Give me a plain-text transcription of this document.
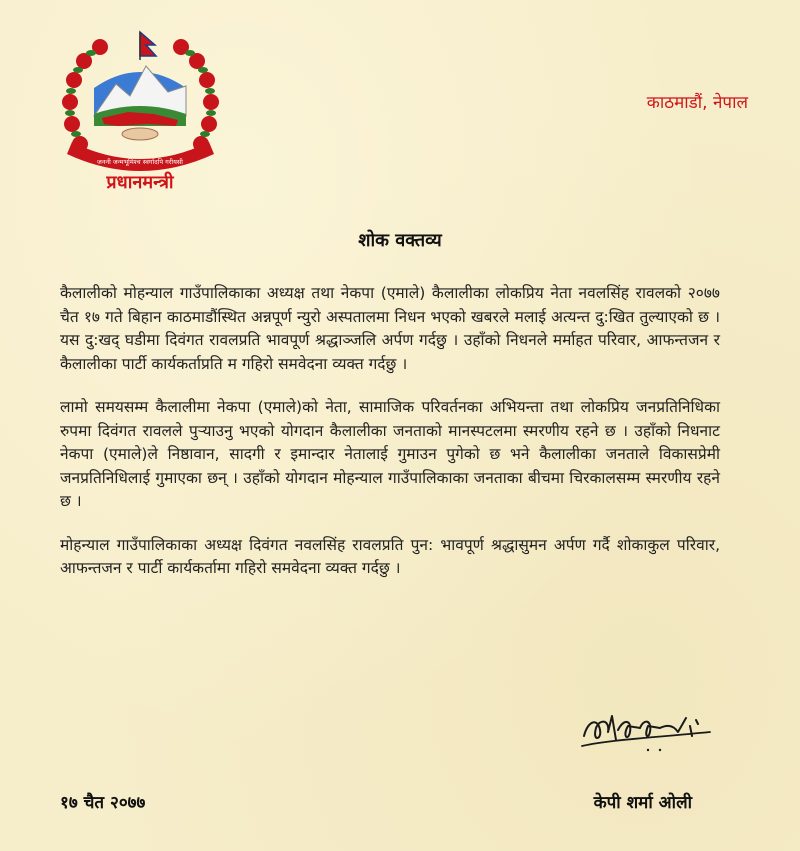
जननी जन्मभूमिश्च स्वर्गादपि गरीयसी
प्रधानमन्त्री
काठमाडौं, नेपाल
शोक वक्तव्य

कैलालीको मोहन्याल गाउँपालिकाका अध्यक्ष तथा नेकपा (एमाले) कैलालीका लोकप्रिय नेता नवलसिंह रावलको २०७७ चैत १७ गते बिहान काठमाडौंस्थित अन्नपूर्ण न्युरो अस्पतालमा निधन भएको खबरले मलाई अत्यन्त दु:खित तुल्याएको छ । यस दु:खद् घडीमा दिवंगत रावलप्रति भावपूर्ण श्रद्धाञ्जलि अर्पण गर्दछु । उहाँको निधनले मर्माहत परिवार, आफन्तजन र कैलालीका पार्टी कार्यकर्ताप्रति म गहिरो समवेदना व्यक्त गर्दछु ।

लामो समयसम्म कैलालीमा नेकपा (एमाले)को नेता, सामाजिक परिवर्तनका अभियन्ता तथा लोकप्रिय जनप्रतिनिधिका रुपमा दिवंगत रावलले पुर्‍याउनु भएको योगदान कैलालीका जनताको मानस्पटलमा स्मरणीय रहने छ । उहाँको निधनाट नेकपा (एमाले)ले निष्ठावान, सादगी र इमान्दार नेतालाई गुमाउन पुगेको छ भने कैलालीका जनताले विकासप्रेमी जनप्रतिनिधिलाई गुमाएका छन् । उहाँको योगदान मोहन्याल गाउँपालिकाका जनताका बीचमा चिरकालसम्म स्मरणीय रहने छ ।

मोहन्याल गाउँपालिकाका अध्यक्ष दिवंगत नवलसिंह रावलप्रति पुन: भावपूर्ण श्रद्धासुमन अर्पण गर्दै शोकाकुल परिवार, आफन्तजन र पार्टी कार्यकर्तामा गहिरो समवेदना व्यक्त गर्दछु ।

१७ चैत २०७७	केपी शर्मा ओली
